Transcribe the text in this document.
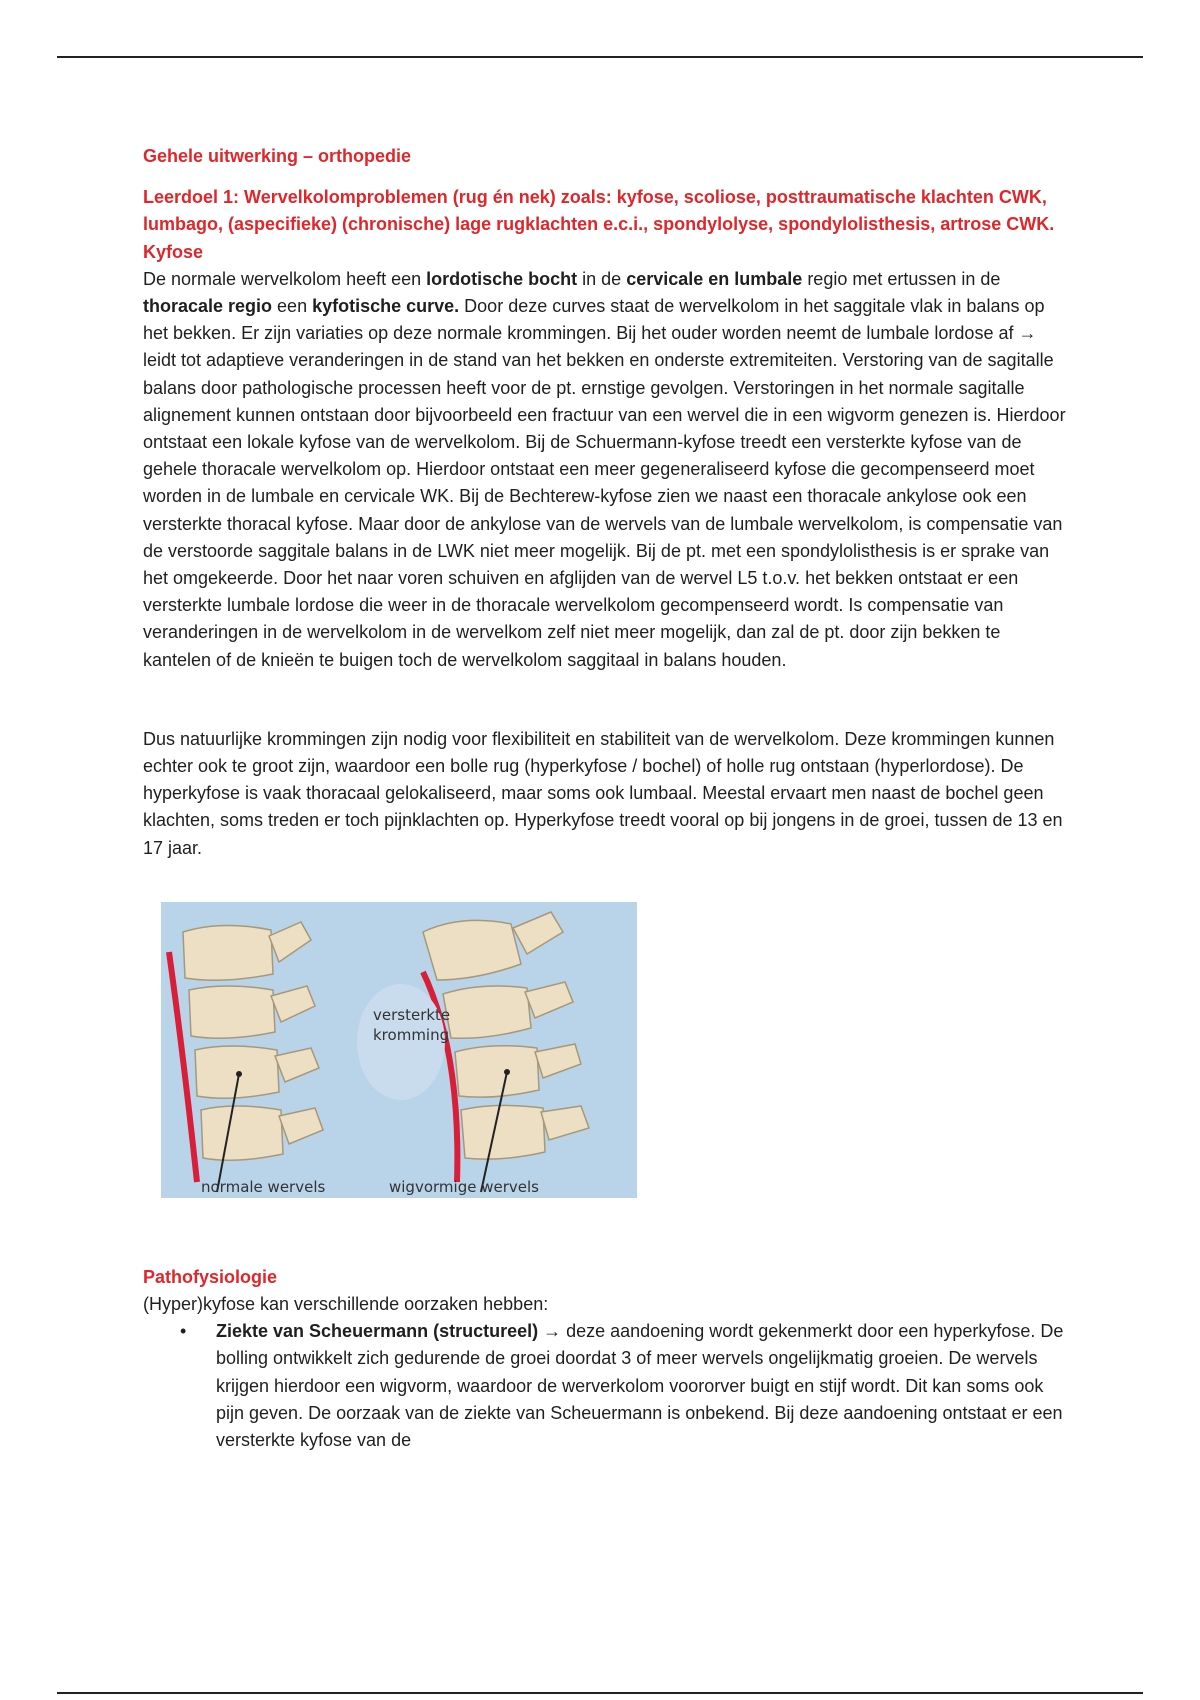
Gehele uitwerking – orthopedie

Leerdoel 1: Wervelkolomproblemen (rug én nek) zoals: kyfose, scoliose, posttraumatische klachten CWK, lumbago, (aspecifieke) (chronische) lage rugklachten e.c.i., spondylolyse, spondylolisthesis, artrose CWK.

Kyfose

De normale wervelkolom heeft een lordotische bocht in de cervicale en lumbale regio met ertussen in de thoracale regio een kyfotische curve. Door deze curves staat de wervelkolom in het saggitale vlak in balans op het bekken. Er zijn variaties op deze normale krommingen. Bij het ouder worden neemt de lumbale lordose af → leidt tot adaptieve veranderingen in de stand van het bekken en onderste extremiteiten. Verstoring van de sagitalle balans door pathologische processen heeft voor de pt. ernstige gevolgen. Verstoringen in het normale sagitalle alignement kunnen ontstaan door bijvoorbeeld een fractuur van een wervel die in een wigvorm genezen is. Hierdoor ontstaat een lokale kyfose van de wervelkolom. Bij de Schuermann-kyfose treedt een versterkte kyfose van de gehele thoracale wervelkolom op. Hierdoor ontstaat een meer gegeneraliseerd kyfose die gecompenseerd moet worden in de lumbale en cervicale WK. Bij de Bechterew-kyfose zien we naast een thoracale ankylose ook een versterkte thoracal kyfose. Maar door de ankylose van de wervels van de lumbale wervelkolom, is compensatie van de verstoorde saggitale balans in de LWK niet meer mogelijk. Bij de pt. met een spondylolisthesis is er sprake van het omgekeerde. Door het naar voren schuiven en afglijden van de wervel L5 t.o.v. het bekken ontstaat er een versterkte lumbale lordose die weer in de thoracale wervelkolom gecompenseerd wordt. Is compensatie van veranderingen in de wervelkolom in de wervelkom zelf niet meer mogelijk, dan zal de pt. door zijn bekken te kantelen of de knieën te buigen toch de wervelkolom saggitaal in balans houden.

Dus natuurlijke krommingen zijn nodig voor flexibiliteit en stabiliteit van de wervelkolom. Deze krommingen kunnen echter ook te groot zijn, waardoor een bolle rug (hyperkyfose / bochel) of holle rug ontstaan (hyperlordose). De hyperkyfose is vaak thoracaal gelokaliseerd, maar soms ook lumbaal. Meestal ervaart men naast de bochel geen klachten, soms treden er toch pijnklachten op. Hyperkyfose treedt vooral op bij jongens in de groei, tussen de 13 en 17 jaar.

versterkte
kromming
normale wervels	wigvormige wervels

Pathofysiologie

(Hyper)kyfose kan verschillende oorzaken hebben:

• Ziekte van Scheuermann (structureel) → deze aandoening wordt gekenmerkt door een hyperkyfose. De bolling ontwikkelt zich gedurende de groei doordat 3 of meer wervels ongelijkmatig groeien. De wervels krijgen hierdoor een wigvorm, waardoor de werverkolom voororver buigt en stijf wordt. Dit kan soms ook pijn geven. De oorzaak van de ziekte van Scheuermann is onbekend. Bij deze aandoening ontstaat er een versterkte kyfose van de
